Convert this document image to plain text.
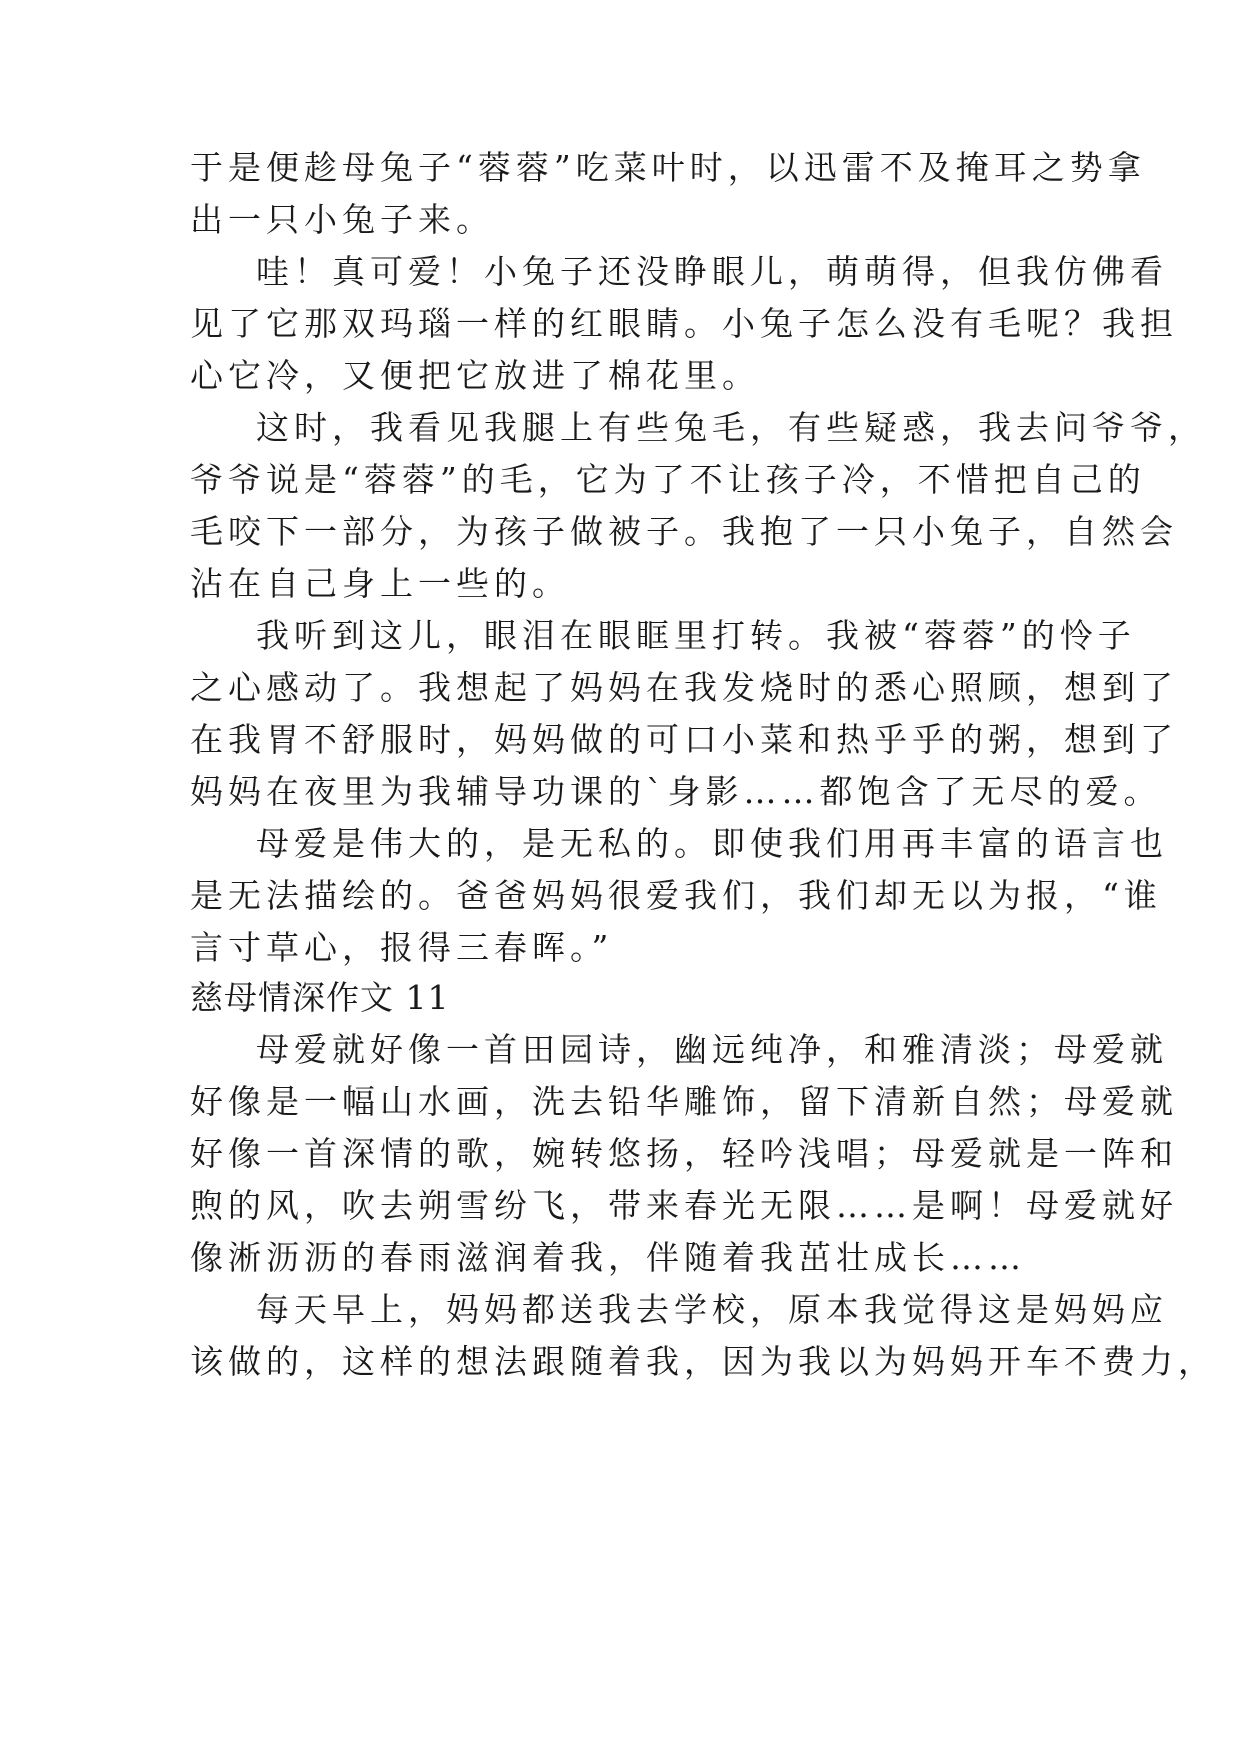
于是便趁母兔子“蓉蓉”吃菜叶时，以迅雷不及掩耳之势拿
出一只小兔子来。
哇！真可爱！小兔子还没睁眼儿，萌萌得，但我仿佛看
见了它那双玛瑙一样的红眼睛。小兔子怎么没有毛呢？我担
心它冷，又便把它放进了棉花里。
这时，我看见我腿上有些兔毛，有些疑惑，我去问爷爷，
爷爷说是“蓉蓉”的毛，它为了不让孩子冷，不惜把自己的
毛咬下一部分，为孩子做被子。我抱了一只小兔子，自然会
沾在自己身上一些的。
我听到这儿，眼泪在眼眶里打转。我被“蓉蓉”的怜子
之心感动了。我想起了妈妈在我发烧时的悉心照顾，想到了
在我胃不舒服时，妈妈做的可口小菜和热乎乎的粥，想到了
妈妈在夜里为我辅导功课的`身影……都饱含了无尽的爱。
母爱是伟大的，是无私的。即使我们用再丰富的语言也
是无法描绘的。爸爸妈妈很爱我们，我们却无以为报，“谁
言寸草心，报得三春晖。”
慈母情深作文 11
母爱就好像一首田园诗，幽远纯净，和雅清淡；母爱就
好像是一幅山水画，洗去铅华雕饰，留下清新自然；母爱就
好像一首深情的歌，婉转悠扬，轻吟浅唱；母爱就是一阵和
煦的风，吹去朔雪纷飞，带来春光无限……是啊！母爱就好
像淅沥沥的春雨滋润着我，伴随着我茁壮成长……
每天早上，妈妈都送我去学校，原本我觉得这是妈妈应
该做的，这样的想法跟随着我，因为我以为妈妈开车不费力，
